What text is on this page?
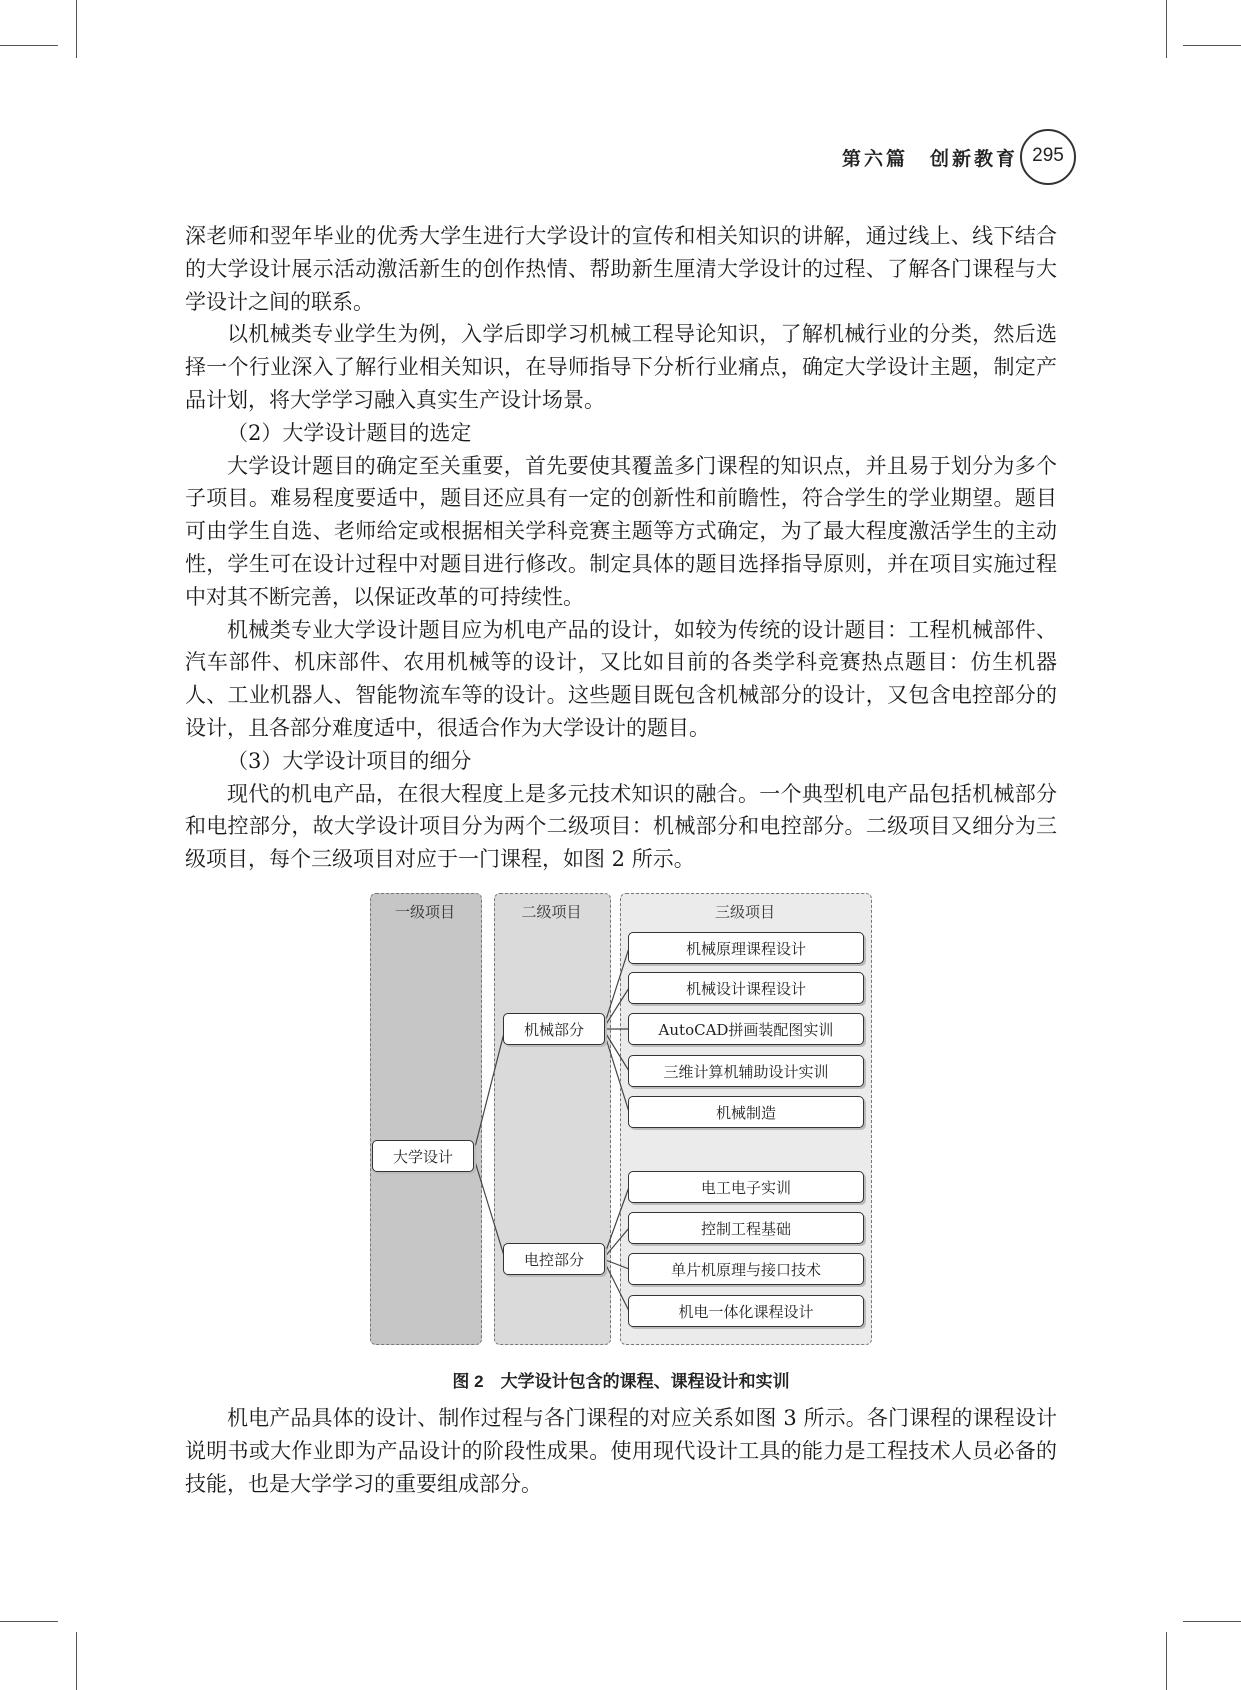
第六篇　创新教育 295

深老师和翌年毕业的优秀大学生进行大学设计的宣传和相关知识的讲解，通过线上、线下结合的大学设计展示活动激活新生的创作热情、帮助新生厘清大学设计的过程、了解各门课程与大学设计之间的联系。

以机械类专业学生为例，入学后即学习机械工程导论知识，了解机械行业的分类，然后选择一个行业深入了解行业相关知识，在导师指导下分析行业痛点，确定大学设计主题，制定产品计划，将大学学习融入真实生产设计场景。

（2）大学设计题目的选定

大学设计题目的确定至关重要，首先要使其覆盖多门课程的知识点，并且易于划分为多个子项目。难易程度要适中，题目还应具有一定的创新性和前瞻性，符合学生的学业期望。题目可由学生自选、老师给定或根据相关学科竞赛主题等方式确定，为了最大程度激活学生的主动性，学生可在设计过程中对题目进行修改。制定具体的题目选择指导原则，并在项目实施过程中对其不断完善，以保证改革的可持续性。

机械类专业大学设计题目应为机电产品的设计，如较为传统的设计题目：工程机械部件、汽车部件、机床部件、农用机械等的设计，又比如目前的各类学科竞赛热点题目：仿生机器人、工业机器人、智能物流车等的设计。这些题目既包含机械部分的设计，又包含电控部分的设计，且各部分难度适中，很适合作为大学设计的题目。

（3）大学设计项目的细分

现代的机电产品，在很大程度上是多元技术知识的融合。一个典型机电产品包括机械部分和电控部分，故大学设计项目分为两个二级项目：机械部分和电控部分。二级项目又细分为三级项目，每个三级项目对应于一门课程，如图 2 所示。

一级项目	二级项目	三级项目
大学设计
机械部分
电控部分
机械原理课程设计
机械设计课程设计
AutoCAD拼画装配图实训
三维计算机辅助设计实训
机械制造
电工电子实训
控制工程基础
单片机原理与接口技术
机电一体化课程设计
图 2　大学设计包含的课程、课程设计和实训

机电产品具体的设计、制作过程与各门课程的对应关系如图 3 所示。各门课程的课程设计说明书或大作业即为产品设计的阶段性成果。使用现代设计工具的能力是工程技术人员必备的技能，也是大学学习的重要组成部分。
